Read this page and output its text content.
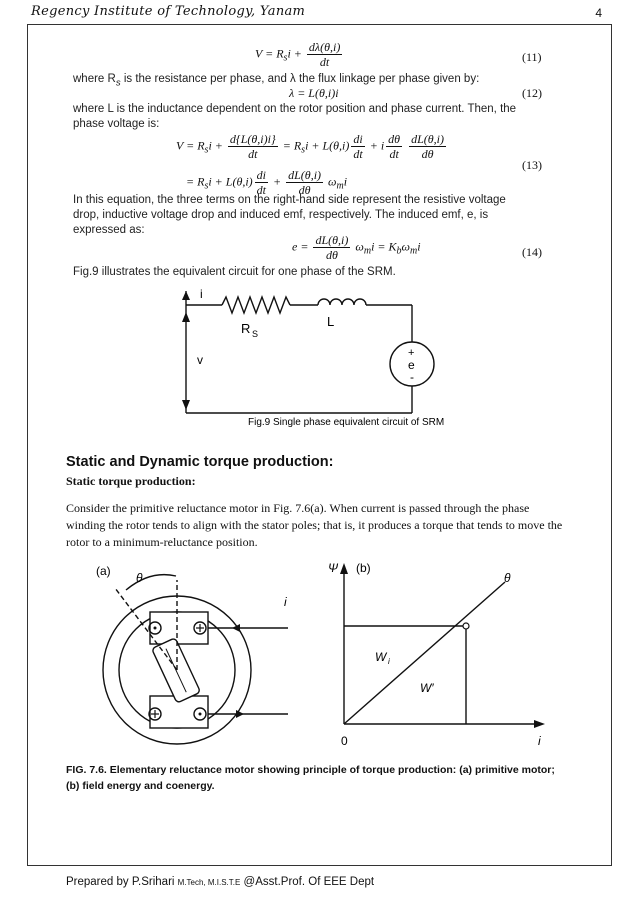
Regency Institute of Technology, Yanam	4
$V = R_si + \frac{d\lambda(\theta,i)}{dt}$	(11)
where $R_s$ is the resistance per phase, and λ the flux linkage per phase given by:
λ = L(θ,i)i	(12)
where L is the inductance dependent on the rotor position and phase current. Then, the
phase voltage is:
$V = R_si + \frac{d\{L(\theta,i)i\}}{dt} = R_si + L(\theta,i) \frac{di}{dt} + i \frac{d\theta}{dt}$
$\frac{dL(\theta,i)}{d\theta}$
= $R_si + L(\theta,i) \frac{di}{dt} + \frac{dL(\theta,i)}{d\theta} \omega_mi$
(13)
In this equation, the three terms on the right-hand side represent the resistive voltage
drop, inductive voltage drop and induced emf, respectively. The induced emf, e, is
expressed as:
$e = \frac{dL(\theta,i)}{d\theta} \omega_mi = K_b\omega_mi$	(14)
Fig.9 illustrates the equivalent circuit for one phase of the SRM.
i
R S
L
v	+
e
-
Fig.9 Single phase equivalent circuit of SRM
Static and Dynamic torque production:
Static torque production:
Consider the primitive reluctance motor in Fig. 7.6(a). When current is passed through the phase winding the rotor tends to align with the stator poles; that is, it produces a torque that tends to move the rotor to a minimum-reluctance position.
(a) θ
i
Ψ (b)
θ
W i
W′
0	i
FIG. 7.6. Elementary reluctance motor showing principle of torque production: (a) primitive motor; (b) field energy and coenergy.
Prepared by P.Srihari M.Tech, M.I.S.T.E @Asst.Prof. Of EEE Dept
